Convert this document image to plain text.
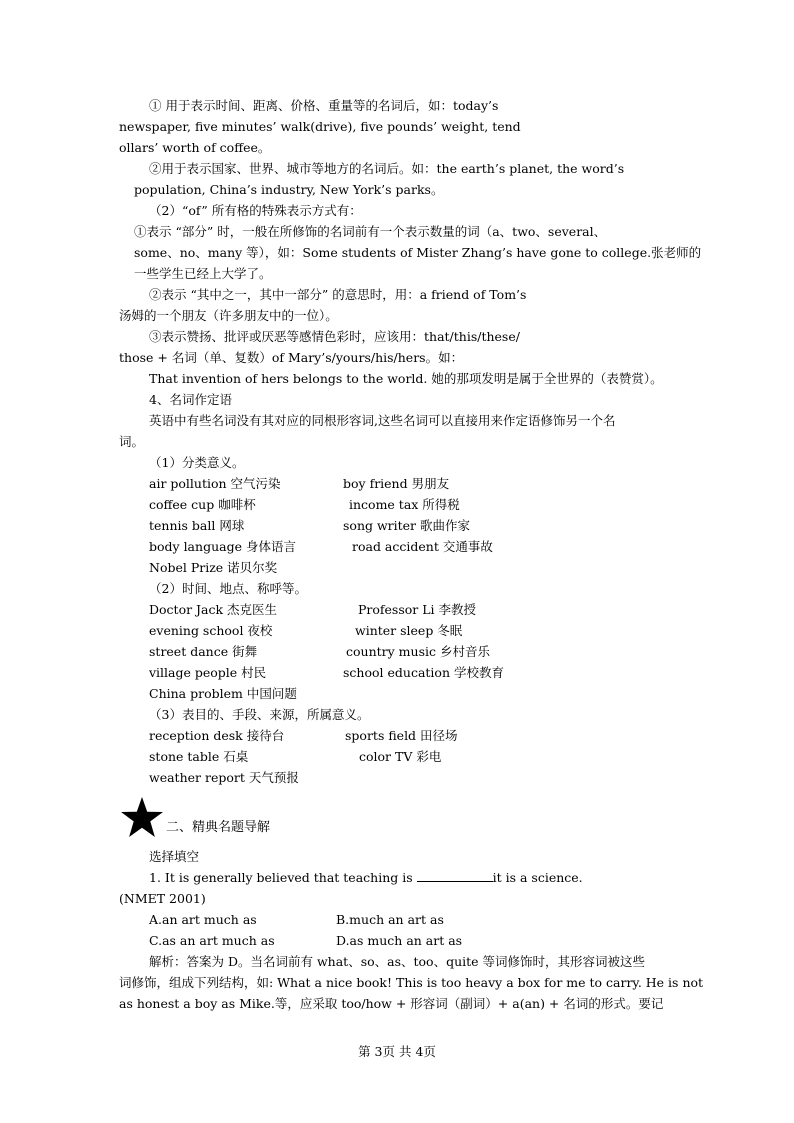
① 用于表示时间、距离、价格、重量等的名词后，如：today’s
newspaper, five minutes’ walk(drive), five pounds’ weight, tend
ollars’ worth of coffee。
②用于表示国家、世界、城市等地方的名词后。如：the earth’s planet, the word’s
population, China’s industry, New York’s parks。
（2）“of” 所有格的特殊表示方式有：
①表示 “部分” 时，一般在所修饰的名词前有一个表示数量的词（a、two、several、
some、no、many 等），如：Some students of Mister Zhang’s have gone to college.张老师的
一些学生已经上大学了。
②表示 “其中之一，其中一部分” 的意思时，用：a friend of Tom’s
汤姆的一个朋友（许多朋友中的一位）。
③表示赞扬、批评或厌恶等感情色彩时，应该用：that/this/these/
those + 名词（单、复数）of Mary’s/yours/his/hers。如：
That invention of hers belongs to the world. 她的那项发明是属于全世界的（表赞赏）。
4、名词作定语
英语中有些名词没有其对应的同根形容词,这些名词可以直接用来作定语修饰另一个名
词。
（1）分类意义。
air pollution 空气污染	boy friend 男朋友
coffee cup 咖啡杯	income tax 所得税
tennis ball 网球	song writer 歌曲作家
body language 身体语言	road accident 交通事故
Nobel Prize 诺贝尔奖
（2）时间、地点、称呼等。
Doctor Jack 杰克医生	Professor Li 李教授
evening school 夜校	winter sleep 冬眠
street dance 街舞	country music 乡村音乐
village people 村民	school education 学校教育
China problem 中国问题
（3）表目的、手段、来源，所属意义。
reception desk 接待台	sports field 田径场
stone table 石桌	color TV 彩电
weather report 天气预报
二、精典名题导解
选择填空
1. It is generally believed that teaching is	it is a science.
(NMET 2001)
A.an art much as	B.much an art as
C.as an art much as	D.as much an art as
解析：答案为 D。当名词前有 what、so、as、too、quite 等词修饰时，其形容词被这些
词修饰，组成下列结构，如: What a nice book! This is too heavy a box for me to carry. He is not
as honest a boy as Mike.等，应采取 too/how + 形容词（副词）+ a(an) + 名词的形式。要记
第 3页 共 4页
